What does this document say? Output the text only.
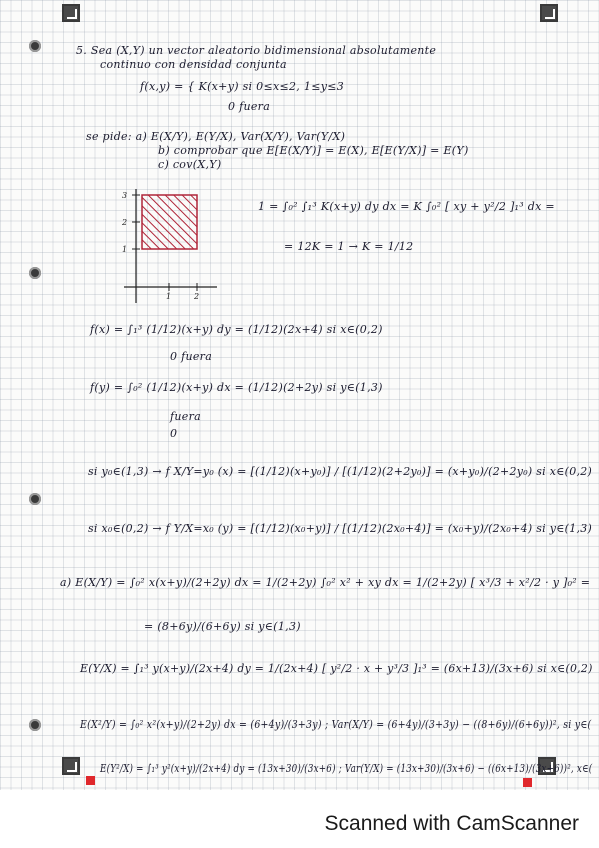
Scanned with CamScanner
3
2
1
1	2
5. Sea (X,Y) un vector aleatorio bidimensional absolutamente
continuo con densidad conjunta
f(x,y) = { K(x+y) si 0≤x≤2, 1≤y≤3
0 fuera
se pide: a) E(X/Y), E(Y/X), Var(X/Y), Var(Y/X)
b) comprobar que E[E(X/Y)] = E(X), E[E(Y/X)] = E(Y)
c) cov(X,Y)
1 = ∫₀² ∫₁³ K(x+y) dy dx = K ∫₀² [ xy + y²/2 ]₁³ dx =
= 12K = 1 → K = 1/12
f(x) = ∫₁³ (1/12)(x+y) dy = (1/12)(2x+4) si x∈(0,2)
0 fuera
f(y) = ∫₀² (1/12)(x+y) dx = (1/12)(2+2y) si y∈(1,3)
fuera
0
si y₀∈(1,3) → f X/Y=y₀ (x) = [(1/12)(x+y₀)] / [(1/12)(2+2y₀)] = (x+y₀)/(2+2y₀) si x∈(0,2)
si x₀∈(0,2) → f Y/X=x₀ (y) = [(1/12)(x₀+y)] / [(1/12)(2x₀+4)] = (x₀+y)/(2x₀+4) si y∈(1,3)
a) E(X/Y) = ∫₀² x(x+y)/(2+2y) dx = 1/(2+2y) ∫₀² x² + xy dx = 1/(2+2y) [ x³/3 + x²/2 · y ]₀² =
= (8+6y)/(6+6y) si y∈(1,3)
E(Y/X) = ∫₁³ y(x+y)/(2x+4) dy = 1/(2x+4) [ y²/2 · x + y³/3 ]₁³ = (6x+13)/(3x+6) si x∈(0,2)
E(X²/Y) = ∫₀² x²(x+y)/(2+2y) dx = (6+4y)/(3+3y) ; Var(X/Y) = (6+4y)/(3+3y) − ((8+6y)/(6+6y))², si y∈(
E(Y²/X) = ∫₁³ y²(x+y)/(2x+4) dy = (13x+30)/(3x+6) ; Var(Y/X) = (13x+30)/(3x+6) − ((6x+13)/(3x+6))², x∈(
